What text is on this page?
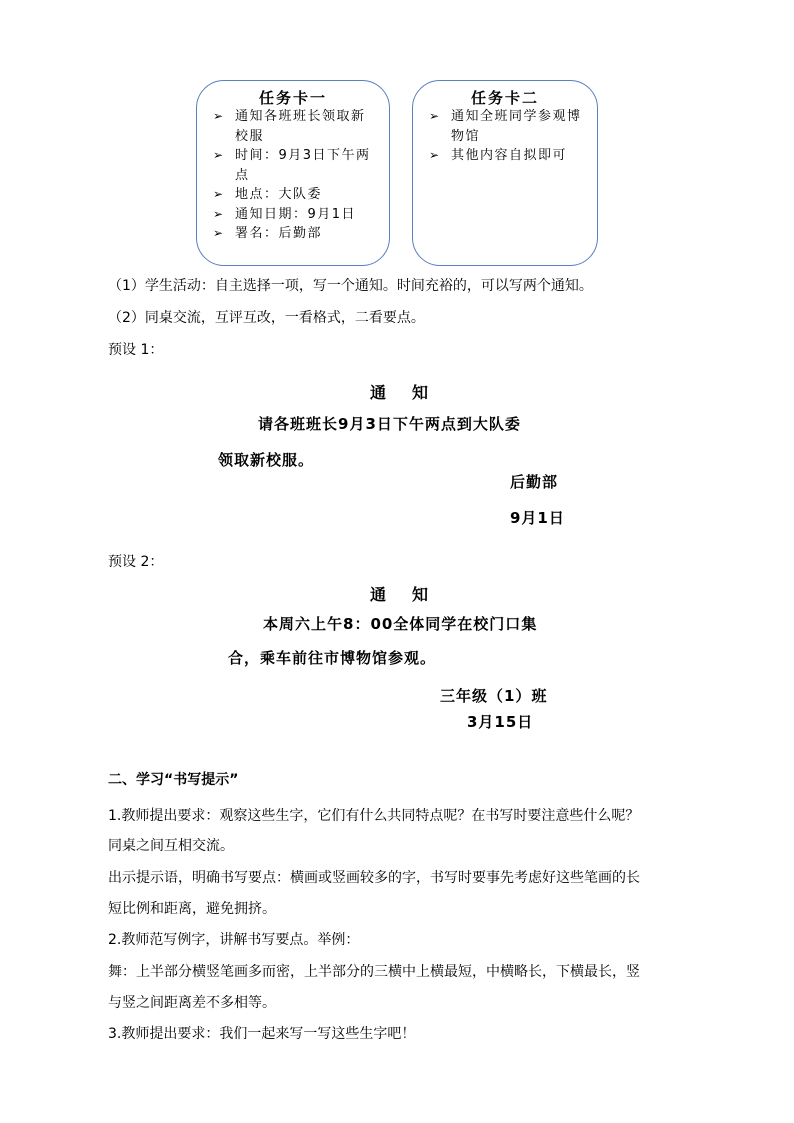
任务卡一
➢ 通知各班班长领取新校服
➢ 时间：9月3日下午两点
➢ 地点：大队委
➢ 通知日期：9月1日
➢ 署名：后勤部
任务卡二
➢ 通知全班同学参观博物馆
➢ 其他内容自拟即可
（1）学生活动：自主选择一项，写一个通知。时间充裕的，可以写两个通知。
（2）同桌交流，互评互改，一看格式，二看要点。
预设 1：
通知
请各班班长9月3日下午两点到大队委
领取新校服。
后勤部
9月1日
预设 2：
通知
本周六上午8：00全体同学在校门口集
合，乘车前往市博物馆参观。
三年级（1）班
3月15日
二、学习“书写提示”
1.教师提出要求：观察这些生字，它们有什么共同特点呢？在书写时要注意些什么呢？
同桌之间互相交流。
出示提示语，明确书写要点：横画或竖画较多的字，书写时要事先考虑好这些笔画的长
短比例和距离，避免拥挤。
2.教师范写例字，讲解书写要点。举例：
舞：上半部分横竖笔画多而密，上半部分的三横中上横最短，中横略长，下横最长，竖
与竖之间距离差不多相等。
3.教师提出要求：我们一起来写一写这些生字吧！
